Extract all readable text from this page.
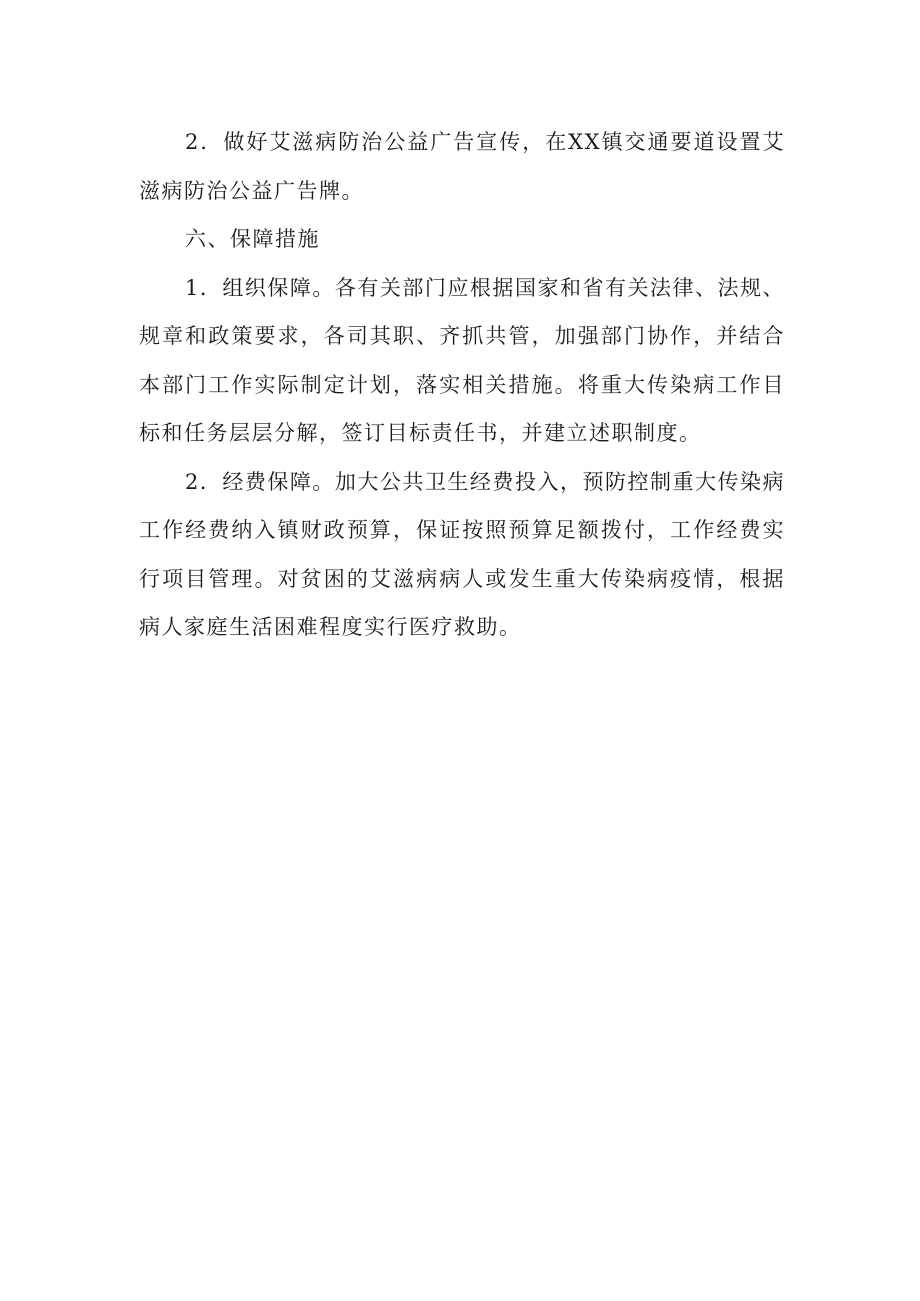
2．做好艾滋病防治公益广告宣传，在XX镇交通要道设置艾滋病防治公益广告牌。

六、保障措施

1．组织保障。各有关部门应根据国家和省有关法律、法规、规章和政策要求，各司其职、齐抓共管，加强部门协作，并结合本部门工作实际制定计划，落实相关措施。将重大传染病工作目标和任务层层分解，签订目标责任书，并建立述职制度。

2．经费保障。加大公共卫生经费投入，预防控制重大传染病工作经费纳入镇财政预算，保证按照预算足额拨付，工作经费实行项目管理。对贫困的艾滋病病人或发生重大传染病疫情，根据病人家庭生活困难程度实行医疗救助。
